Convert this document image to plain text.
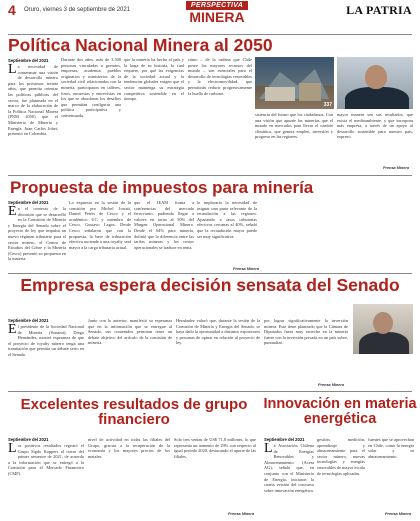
4 Oruro, viernes 3 de septiembre de 2021
PERSPECTIVA
MINERA	LA PATRIA
Política Nacional Minera al 2050
Septiembre del 2021
La necesidad de consensuar una visión de desarrollo minero para los próximos treinta años, que permita orientar las políticas públicas del sector, fue planteada en el marco de la elaboración de la Política Nacional Minera (PNM 2050) que el Ministerio de Minería y Energía, Juan Carlos Jobet, presentó en Colombia.
Durante dos años, más de 3.500 personas vinculadas a gremios, empresas, academia, pueblos originarios y ministerios de la sociedad civil relacionados con la minería, participaron en talleres, foros, encuestas y entrevistas en los que se abordaron los desafíos que permitan configurar una política participativa y consensuada.
que la minería ha hecho al país y la larga de su historia, la cual requiere, por qué las exigencias de la sociedad actual y la tendencias globales exigen que el sector mantenga su estrategia competitiva sostenible en el tiempo.
ritmo – de la cadena que Chile posee los mayores recursos del mundo – son esenciales para el desarrollo de tecnologías renovables y la electromovilidad, que permitirán reducir progresivamente la huella de carbono.
337
sistencia del futuro que los ciudadanos. Con una visión que apunte las minerías que el mundo en mercados para llevar el cambio climático, que genera empleo, inversión y progreso en las regiones.
mayor manera sea sus resultados, que exista el medioambiente, y que incorpora más empresa, a través de un apoyo al desarrollo sostenible para nuestro país, expresó.
Prensa Minera
Propuesta de impuestos para minería
Septiembre del 2021
En el contexto de la discusión que se desarrolló en la Comisión de Minería y Energía del Senado sobre el proyecto de ley que impulsa un nuevo régimen tributario para el sector minero, el Centro de Estudios del Cobre y la Minería (Cesco) presentó su propuesta en la materia.
Lo expuesto en la sesión de la comisión por Michel Jorratt, Daniel Peters de Cesco y el académico UC y miembro de Cesco, Gustavo Lagos. Desde Cesco señalaron que con la propuesta, la base de tributación efectiva asciende a una royalty será mayor a la carga tributaria actual.
que el IEAM fronta a conferencias del mercado ferroviario, pudiendo llegar a valores en torno al 50% del Margen Operacional Minero. Desde el 64% para minería, definió que la diferencia entre las tarifas mineras y los costos operacionales se traduce en renta.
le imploraría la necesidad de asignar una parte relevante de la recaudación a las regiones. Ajustando a tasas tributarias efectivas cercanas al 40%, señaló que la recaudación mayor puede ser muy significativa.
Prensa Minera
Empresa espera decisión sensata del Senado
Septiembre del 2021
El presidente de la Sociedad Nacional de Minería (Sonami), Diego Hernández, mostró esperanza de que el proyecto de royalty minero tenga una tramitación que permita un debate serio en el Senado.
Junto con lo anterior, manifestó su esperanza que en la información que se entregue al Senado, sus contenidos permitan tener un debate objetivo del artículo de la comisión de minería.
Hernández valoró que, durante la sesión de la Comisión de Minería y Energía del Senado, se haya dado la oportunidad a distintos expositores y personas de opinar en relación al proyecto de ley.
por lograr significativamente la inversión minera. Este tiene planteado que la Cámara de Diputados fuera muy estrecho en la minería fuerte con la inversión privada en un país sobre, puntualizó.
Prensa Minera
Excelentes resultados de grupo financiero
Septiembre del 2021
Los positivos resultados registró el Grupo Sigdo Koppers al cierre del primer semestre de 2021, de acuerdo a la información que se entregó a la Comisión para el Mercado Financiero (CMF).
nivel de actividad en todas las filiales del Grupo, gracias a la recuperación de la economía y los mayores precios de los metales.
Solo tres ventas de US$ 71,8 millones, lo que representa un aumento de 29% con respecto al igual período 2020, destacando el aporte de las filiales.
Prensa Minera
Innovación en materia energética
Septiembre del 2021
La Asociación Chilena de Energías Renovables y Almacenamiento (Acera AG), señaló que, en conjunto con el Ministerio de Energía, iniciaron la cuarta versión del concurso sobre innovación energética.
gestión, medición, aprendizaje y almacenamiento para el sector minero, nuevas tecnologías y energías renovables de mayor escala de tecnologías aplicadas.
fuentes que se aprovechan en Chile, como la energía solar y su almacenamiento.
Prensa Minera
